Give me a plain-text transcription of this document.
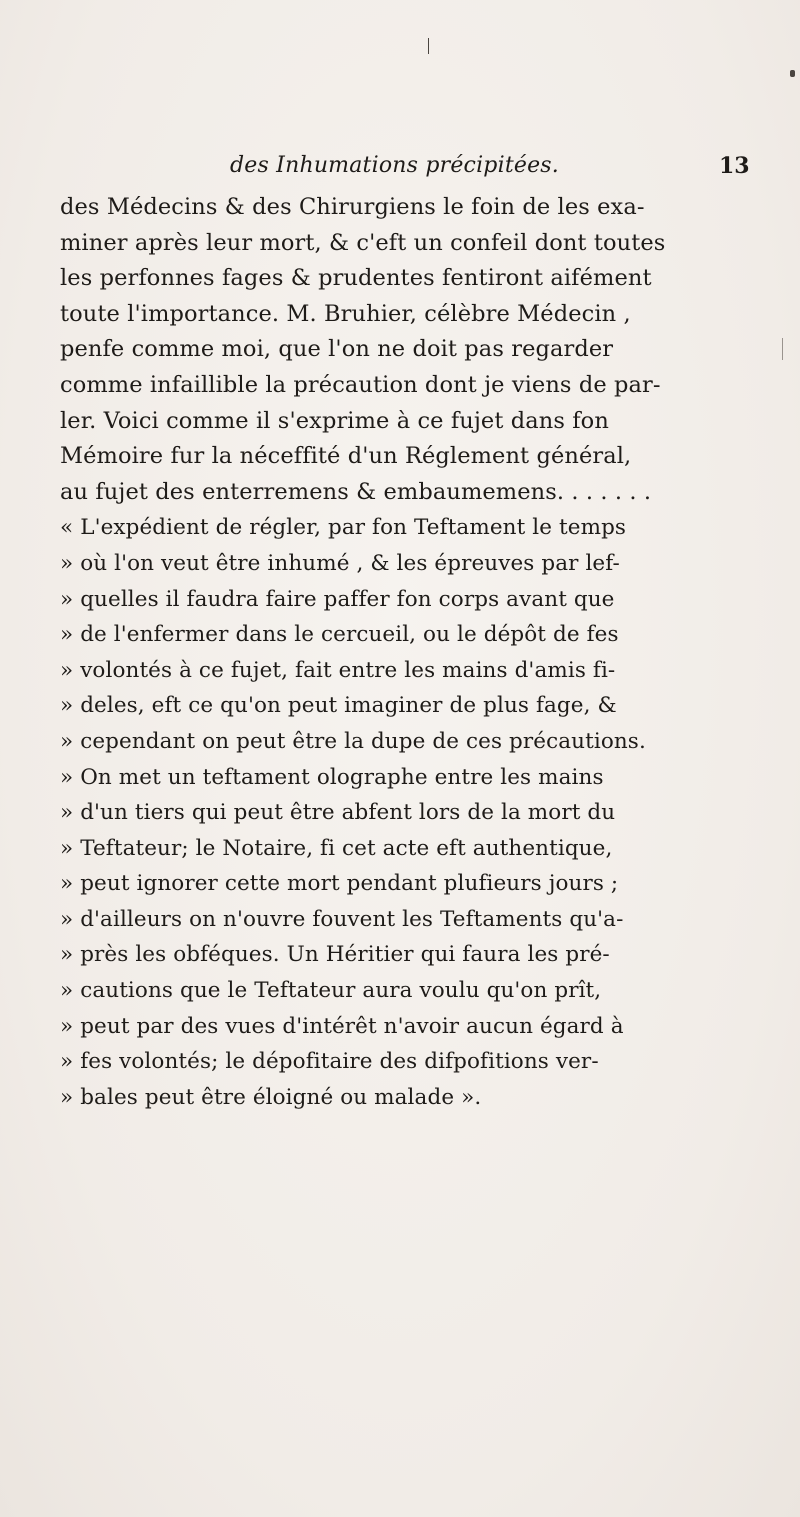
des Inhumations précipitées.	13
des Médecins & des Chirurgiens le foin de les exa-
miner après leur mort, & c'eft un confeil dont toutes
les perfonnes fages & prudentes fentiront aifément
toute l'importance. M. Bruhier, célèbre Médecin ,
penfe comme moi, que l'on ne doit pas regarder
comme infaillible la précaution dont je viens de par-
ler. Voici comme il s'exprime à ce fujet dans fon
Mémoire fur la néceffité d'un Réglement général,
au fujet des enterremens & embaumemens. . . . . . .
« L'expédient de régler, par fon Teftament le temps
» où l'on veut être inhumé , & les épreuves par lef-
» quelles il faudra faire paffer fon corps avant que
» de l'enfermer dans le cercueil, ou le dépôt de fes
» volontés à ce fujet, fait entre les mains d'amis fi-
» deles, eft ce qu'on peut imaginer de plus fage, &
» cependant on peut être la dupe de ces précautions.
» On met un teftament olographe entre les mains
» d'un tiers qui peut être abfent lors de la mort du
» Teftateur; le Notaire, fi cet acte eft authentique,
» peut ignorer cette mort pendant plufieurs jours ;
» d'ailleurs on n'ouvre fouvent les Teftaments qu'a-
» près les obféques. Un Héritier qui faura les pré-
» cautions que le Teftateur aura voulu qu'on prît,
» peut par des vues d'intérêt n'avoir aucun égard à
» fes volontés; le dépofitaire des difpofitions ver-
» bales peut être éloigné ou malade ».
